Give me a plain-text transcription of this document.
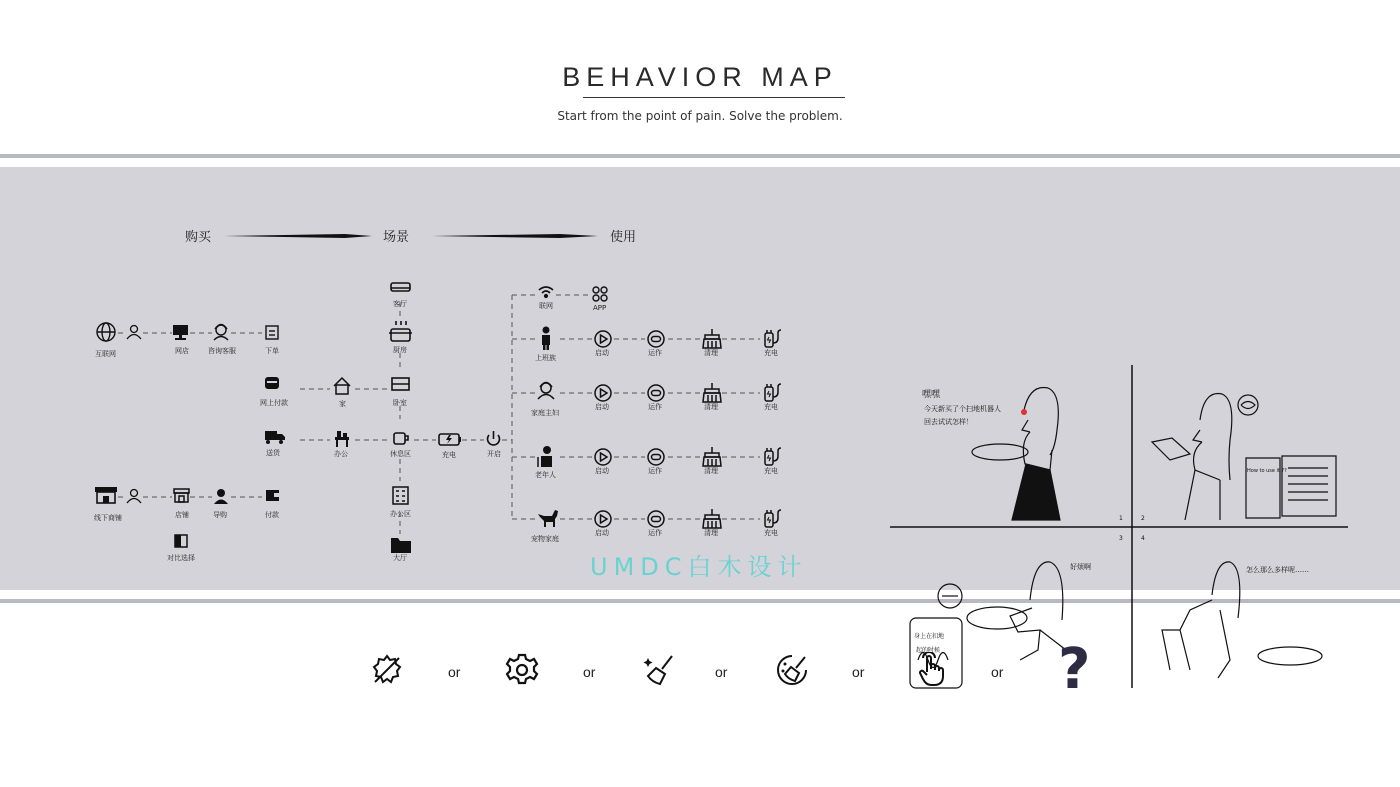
BEHAVIOR MAP
Start from the point of pain. Solve the problem.
购买	场景	使用
互联网	网店	咨询客服	下单
线下商铺	店铺	导购	付款
对比选择
网上付款
送货
家
办公
客厅
厨房
卧室
休息区
办公区
大厅
充电	开启
联网	APP
上班族
家庭主妇
老年人
宠物家庭
启动	运作	清理	充电
启动	运作	清理	充电
启动	运作	清理	充电
启动	运作	清理	充电
UMDC白木设计
1	2
3	4
嘿嘿
今天新买了个扫地机器人
回去试试怎样！
How to use it ??
好烦啊
身上在扣地
起的时候
怎么那么多样呢……
or	or	or	or	or ?
